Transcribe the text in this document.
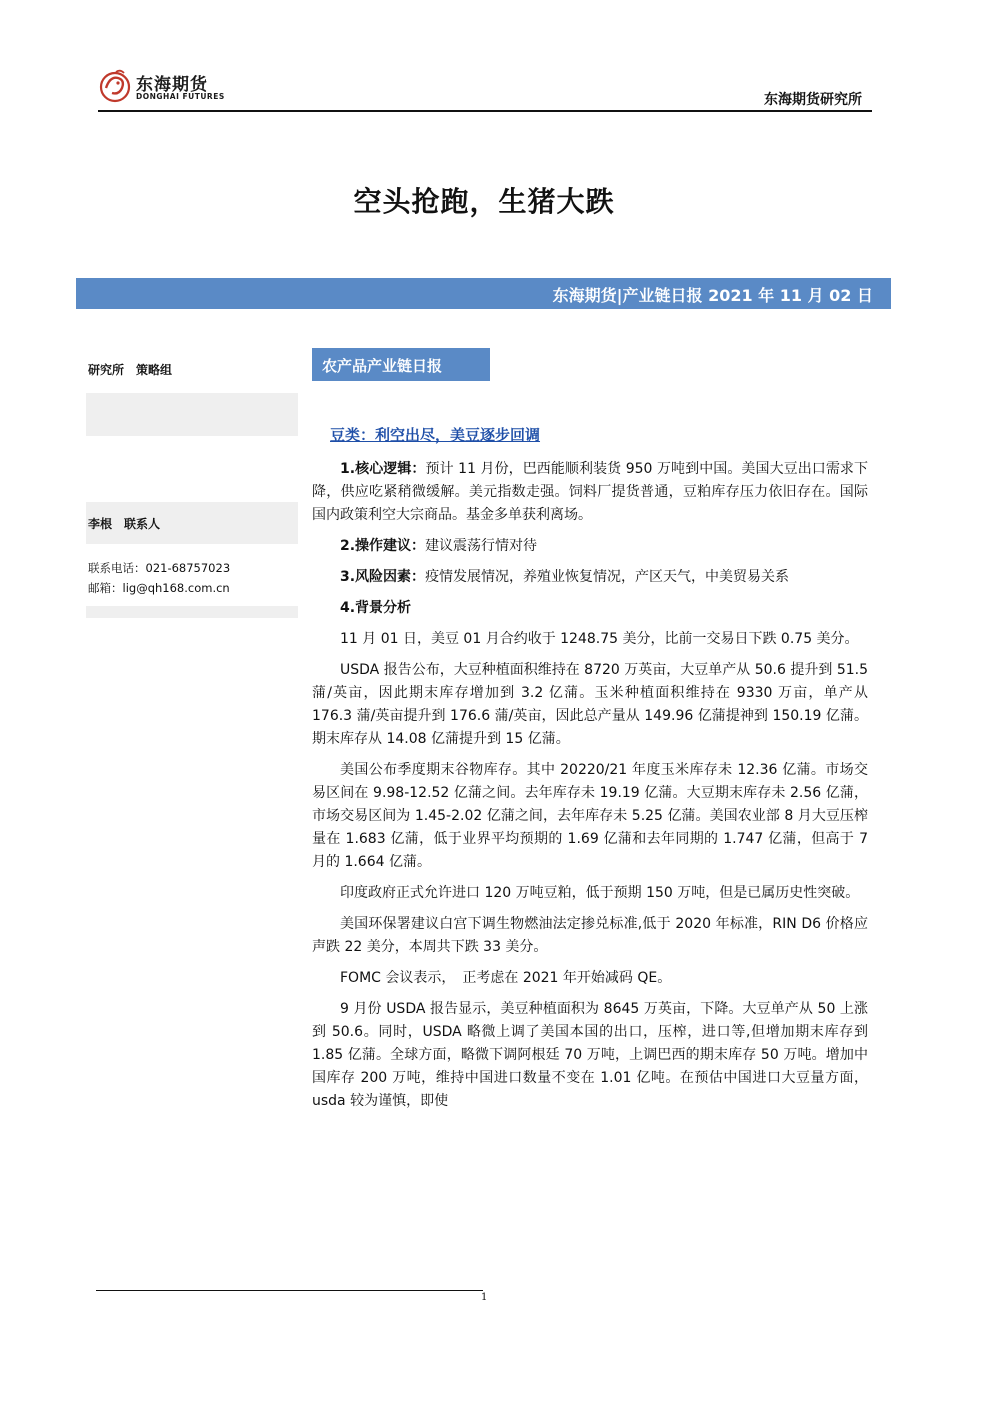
东海期货
DONGHAI FUTURES	东海期货研究所
空头抢跑，生猪大跌
东海期货|产业链日报 2021 年 11 月 02 日
研究所　策略组
李根　联系人
联系电话：021-68757023
邮箱：lig@qh168.com.cn
农产品产业链日报
豆类：利空出尽，美豆逐步回调

1.核心逻辑：预计 11 月份，巴西能顺利装货 950 万吨到中国。美国大豆出口需求下降，供应吃紧稍微缓解。美元指数走强。饲料厂提货普通，豆粕库存压力依旧存在。国际国内政策利空大宗商品。基金多单获利离场。

2.操作建议：建议震荡行情对待

3.风险因素：疫情发展情况，养殖业恢复情况，产区天气，中美贸易关系

4.背景分析

11 月 01 日，美豆 01 月合约收于 1248.75 美分，比前一交易日下跌 0.75 美分。

USDA 报告公布，大豆种植面积维持在 8720 万英亩，大豆单产从 50.6 提升到 51.5 蒲/英亩，因此期末库存增加到 3.2 亿蒲。玉米种植面积维持在 9330 万亩，单产从 176.3 蒲/英亩提升到 176.6 蒲/英亩，因此总产量从 149.96 亿蒲提神到 150.19 亿蒲。期末库存从 14.08 亿蒲提升到 15 亿蒲。

美国公布季度期末谷物库存。其中 20220/21 年度玉米库存未 12.36 亿蒲。市场交易区间在 9.98-12.52 亿蒲之间。去年库存未 19.19 亿蒲。大豆期末库存未 2.56 亿蒲，市场交易区间为 1.45-2.02 亿蒲之间，去年库存未 5.25 亿蒲。美国农业部 8 月大豆压榨量在 1.683 亿蒲，低于业界平均预期的 1.69 亿蒲和去年同期的 1.747 亿蒲，但高于 7 月的 1.664 亿蒲。

印度政府正式允许进口 120 万吨豆粕，低于预期 150 万吨，但是已属历史性突破。

美国环保署建议白宫下调生物燃油法定掺兑标准,低于 2020 年标准，RIN D6 价格应声跌 22 美分，本周共下跌 33 美分。

FOMC 会议表示，　正考虑在 2021 年开始减码 QE。

9 月份 USDA 报告显示，美豆种植面积为 8645 万英亩，下降。大豆单产从 50 上涨到 50.6。同时，USDA 略微上调了美国本国的出口，压榨，进口等,但增加期末库存到 1.85 亿蒲。全球方面，略微下调阿根廷 70 万吨，上调巴西的期末库存 50 万吨。增加中国库存 200 万吨，维持中国进口数量不变在 1.01 亿吨。在预估中国进口大豆量方面，usda 较为谨慎，即使

1
